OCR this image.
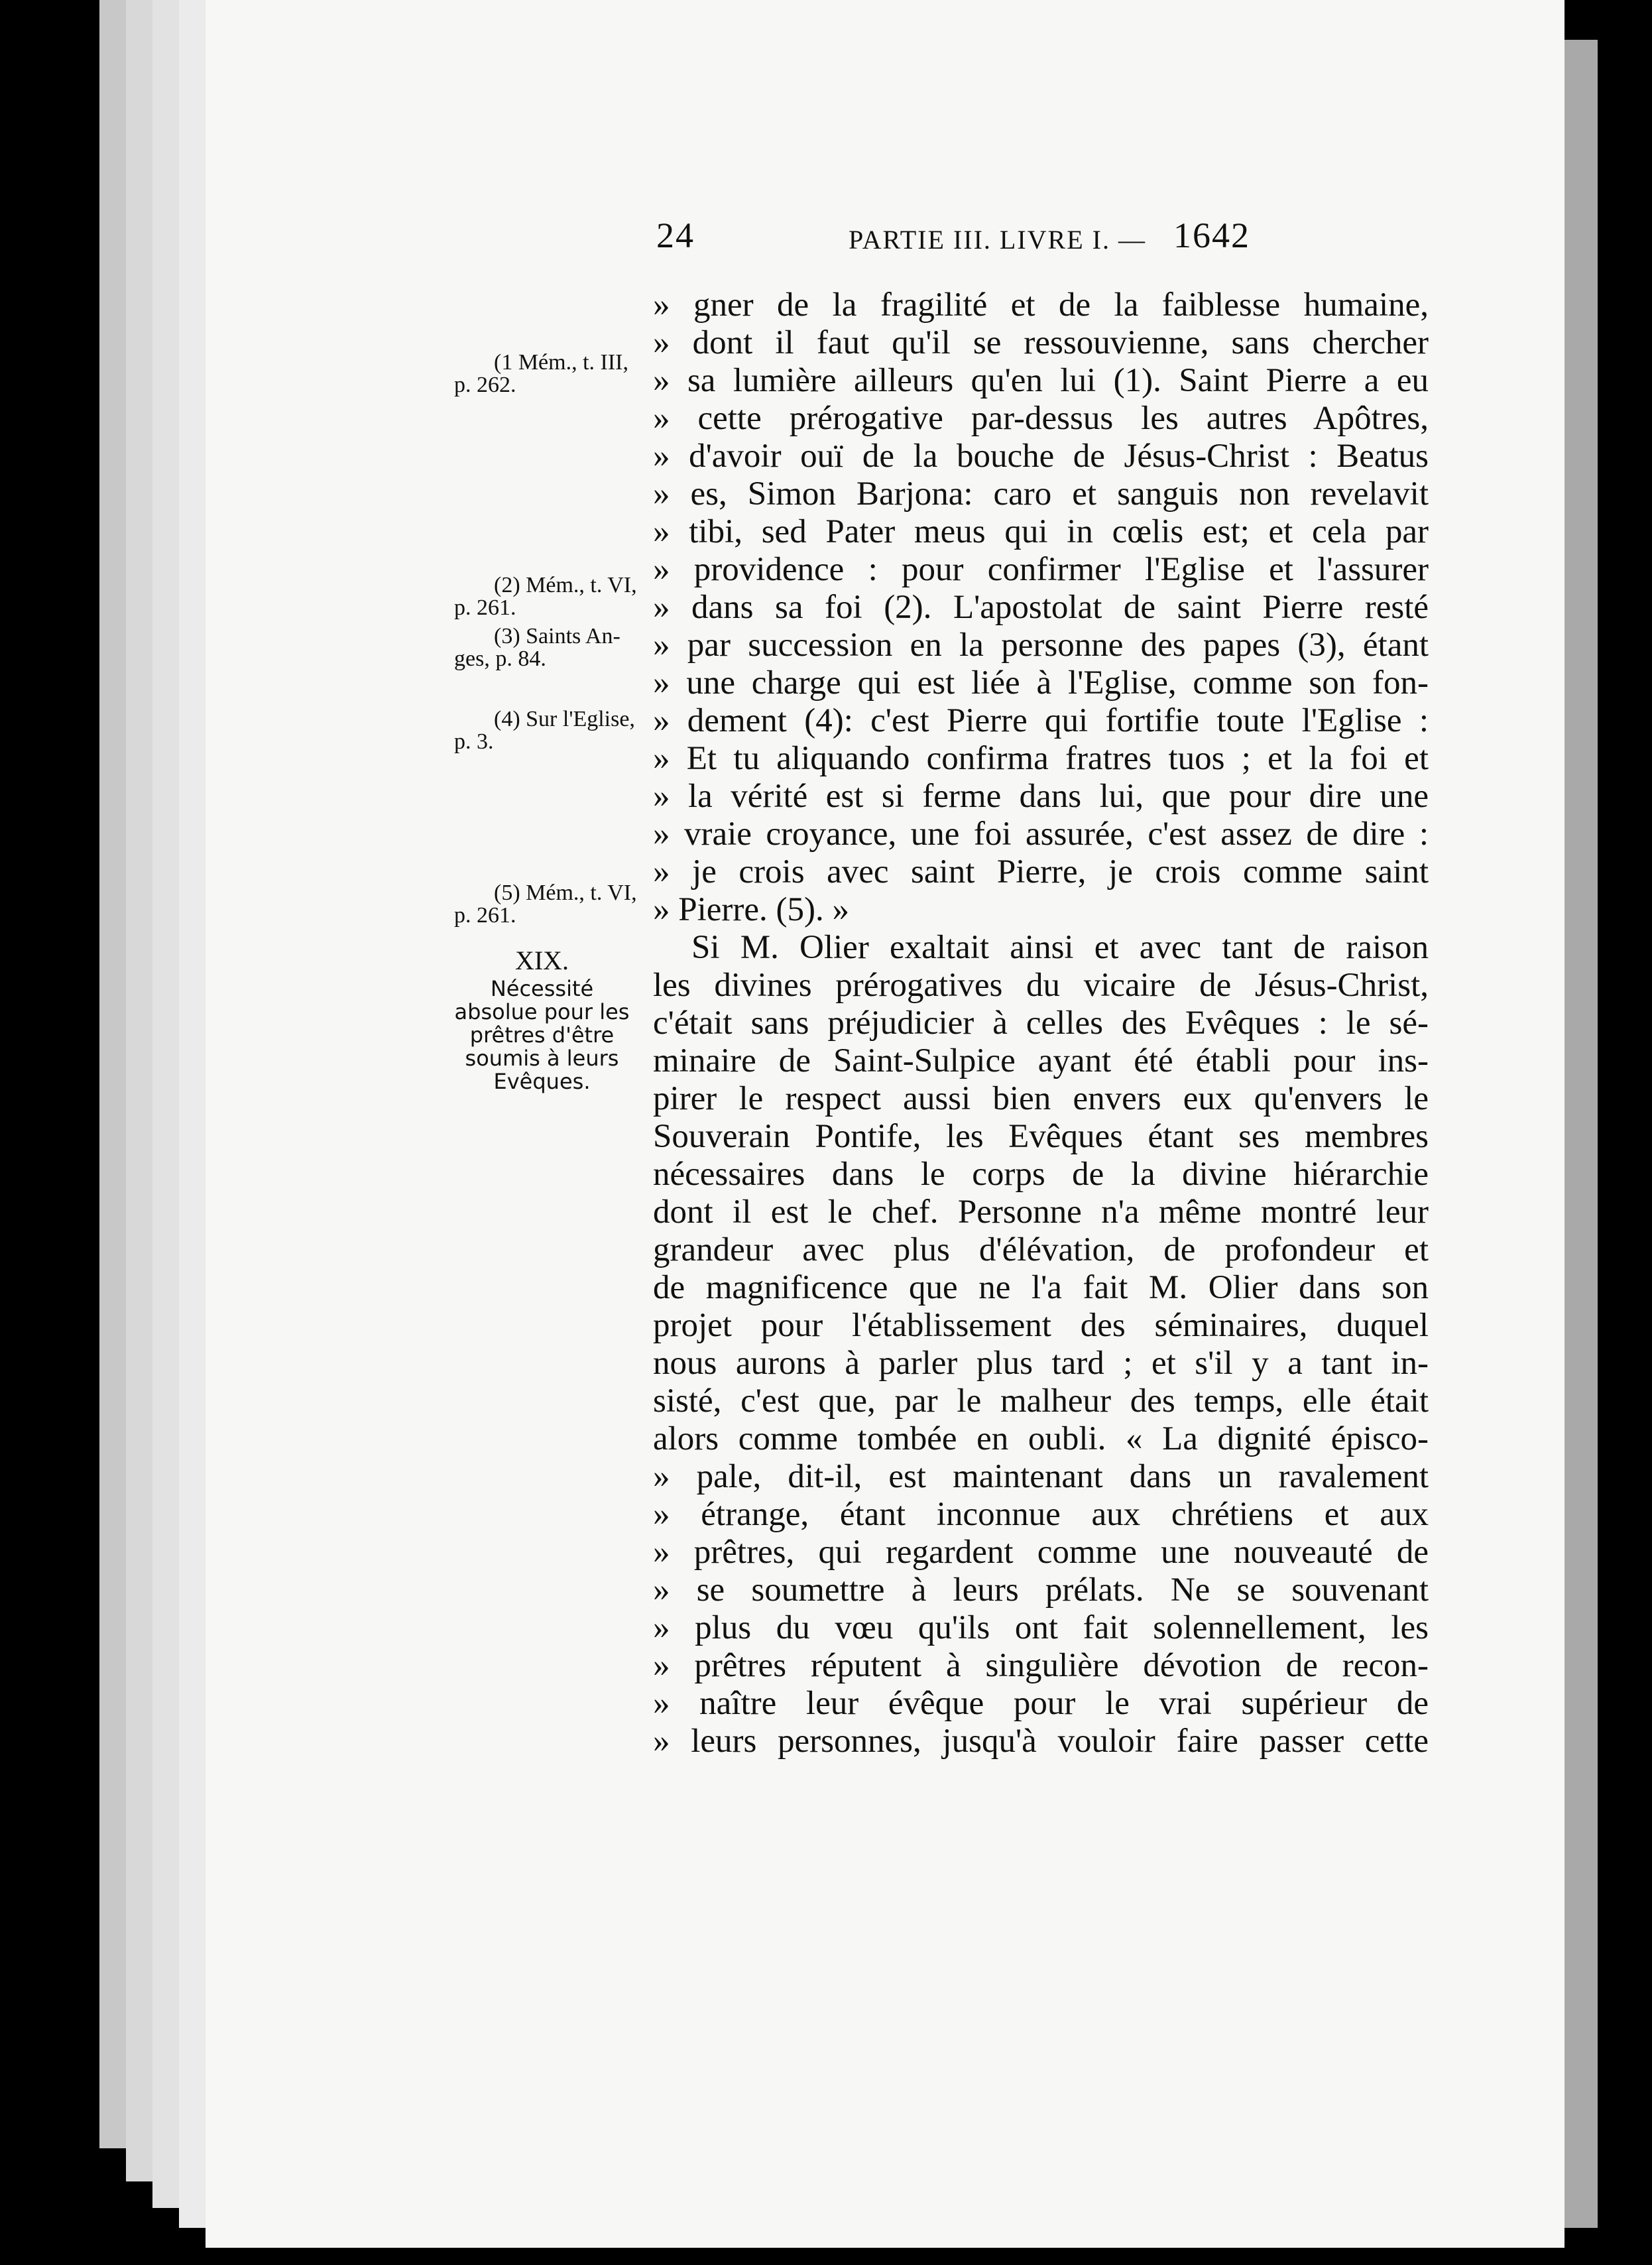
24	PARTIE III. LIVRE I. — 1642
(1 Mém., t. III,
p. 262.
(2) Mém., t. VI,
p. 261.
(3) Saints An-
ges, p. 84.
(4) Sur l'Eglise,
p. 3.
(5) Mém., t. VI,
p. 261.
XIX.
Nécessité absolue pour les prêtres d'être soumis à leurs Evêques.
» gner de la fragilité et de la faiblesse humaine,
» dont il faut qu'il se ressouvienne, sans chercher
» sa lumière ailleurs qu'en lui (1). Saint Pierre a eu
» cette prérogative par-dessus les autres Apôtres,
» d'avoir ouï de la bouche de Jésus-Christ : Beatus
» es, Simon Barjona: caro et sanguis non revelavit
» tibi, sed Pater meus qui in cœlis est; et cela par
» providence : pour confirmer l'Eglise et l'assurer
» dans sa foi (2). L'apostolat de saint Pierre resté
» par succession en la personne des papes (3), étant
» une charge qui est liée à l'Eglise, comme son fon-
» dement (4): c'est Pierre qui fortifie toute l'Eglise :
» Et tu aliquando confirma fratres tuos ; et la foi et
» la vérité est si ferme dans lui, que pour dire une
» vraie croyance, une foi assurée, c'est assez de dire :
» je crois avec saint Pierre, je crois comme saint
» Pierre. (5). »
Si M. Olier exaltait ainsi et avec tant de raison
les divines prérogatives du vicaire de Jésus-Christ,
c'était sans préjudicier à celles des Evêques : le sé-
minaire de Saint-Sulpice ayant été établi pour ins-
pirer le respect aussi bien envers eux qu'envers le
Souverain Pontife, les Evêques étant ses membres
nécessaires dans le corps de la divine hiérarchie
dont il est le chef. Personne n'a même montré leur
grandeur avec plus d'élévation, de profondeur et
de magnificence que ne l'a fait M. Olier dans son
projet pour l'établissement des séminaires, duquel
nous aurons à parler plus tard ; et s'il y a tant in-
sisté, c'est que, par le malheur des temps, elle était
alors comme tombée en oubli. « La dignité épisco-
» pale, dit-il, est maintenant dans un ravalement
» étrange, étant inconnue aux chrétiens et aux
» prêtres, qui regardent comme une nouveauté de
» se soumettre à leurs prélats. Ne se souvenant
» plus du vœu qu'ils ont fait solennellement, les
» prêtres réputent à singulière dévotion de recon-
» naître leur évêque pour le vrai supérieur de
» leurs personnes, jusqu'à vouloir faire passer cette
